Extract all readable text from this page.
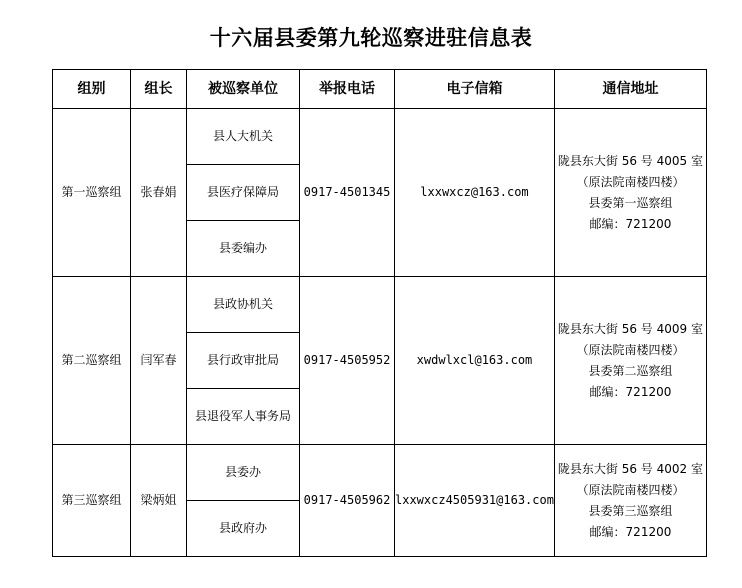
十六届县委第九轮巡察进驻信息表
组别	组长	被巡察单位	举报电话	电子信箱	通信地址
第一巡察组	张春娟	县人大机关	0917-4501345	lxxwxcz@163.com	陇县东大街 56 号 4005 室
（原法院南楼四楼）
县委第一巡察组
邮编：721200

		县医疗保障局			
		县委编办			
第二巡察组	闫军春	县政协机关	0917-4505952	xwdwlxcl@163.com	陇县东大街 56 号 4009 室
（原法院南楼四楼）
县委第二巡察组
邮编：721200

		县行政审批局			
		县退役军人事务局			
第三巡察组	梁炳姐	县委办	0917-4505962	lxxwxcz4505931@163.com	陇县东大街 56 号 4002 室
（原法院南楼四楼）
县委第三巡察组
邮编：721200

		县政府办			
